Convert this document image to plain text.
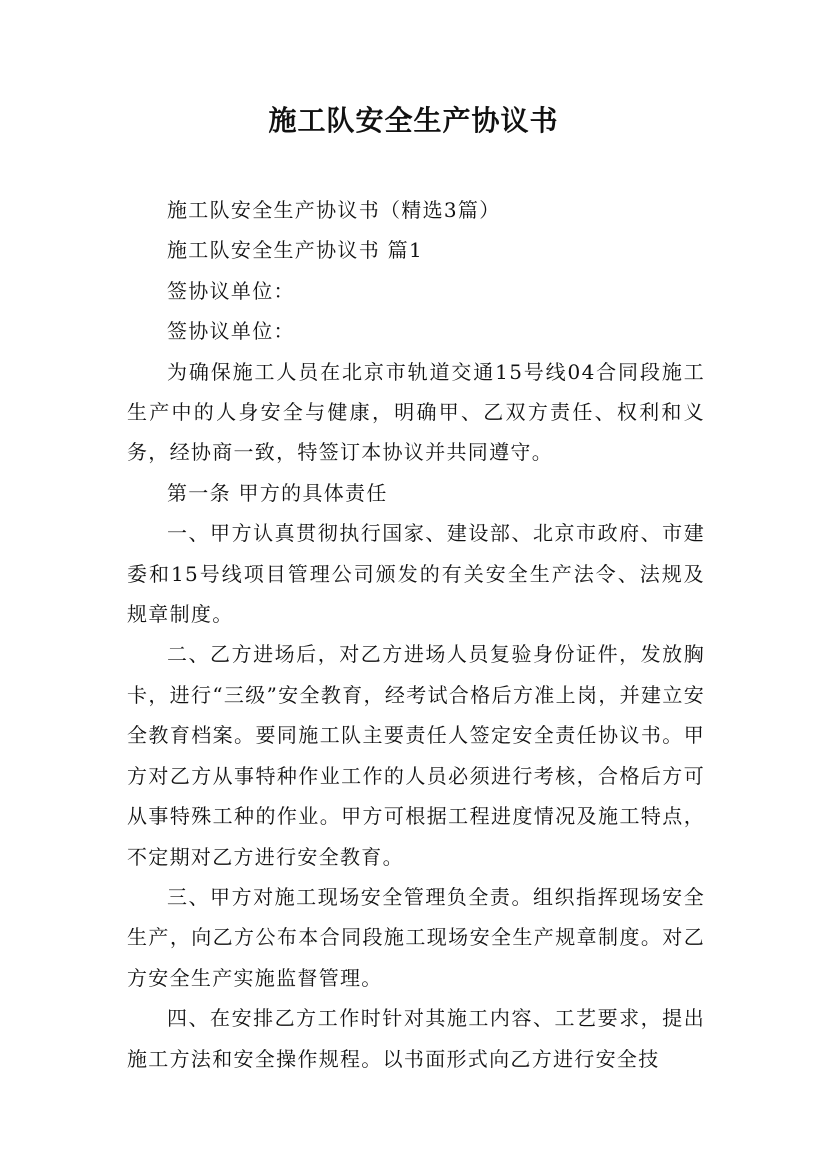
施工队安全生产协议书

施工队安全生产协议书（精选3篇）

施工队安全生产协议书 篇1

签协议单位：

签协议单位：

为确保施工人员在北京市轨道交通15号线04合同段施工生产中的人身安全与健康，明确甲、乙双方责任、权利和义务，经协商一致，特签订本协议并共同遵守。

第一条 甲方的具体责任

一、甲方认真贯彻执行国家、建设部、北京市政府、市建委和15号线项目管理公司颁发的有关安全生产法令、法规及规章制度。

二、乙方进场后，对乙方进场人员复验身份证件，发放胸卡，进行“三级”安全教育，经考试合格后方准上岗，并建立安全教育档案。要同施工队主要责任人签定安全责任协议书。甲方对乙方从事特种作业工作的人员必须进行考核，合格后方可从事特殊工种的作业。甲方可根据工程进度情况及施工特点，不定期对乙方进行安全教育。

三、甲方对施工现场安全管理负全责。组织指挥现场安全生产，向乙方公布本合同段施工现场安全生产规章制度。对乙方安全生产实施监督管理。

四、在安排乙方工作时针对其施工内容、工艺要求，提出施工方法和安全操作规程。以书面形式向乙方进行安全技
